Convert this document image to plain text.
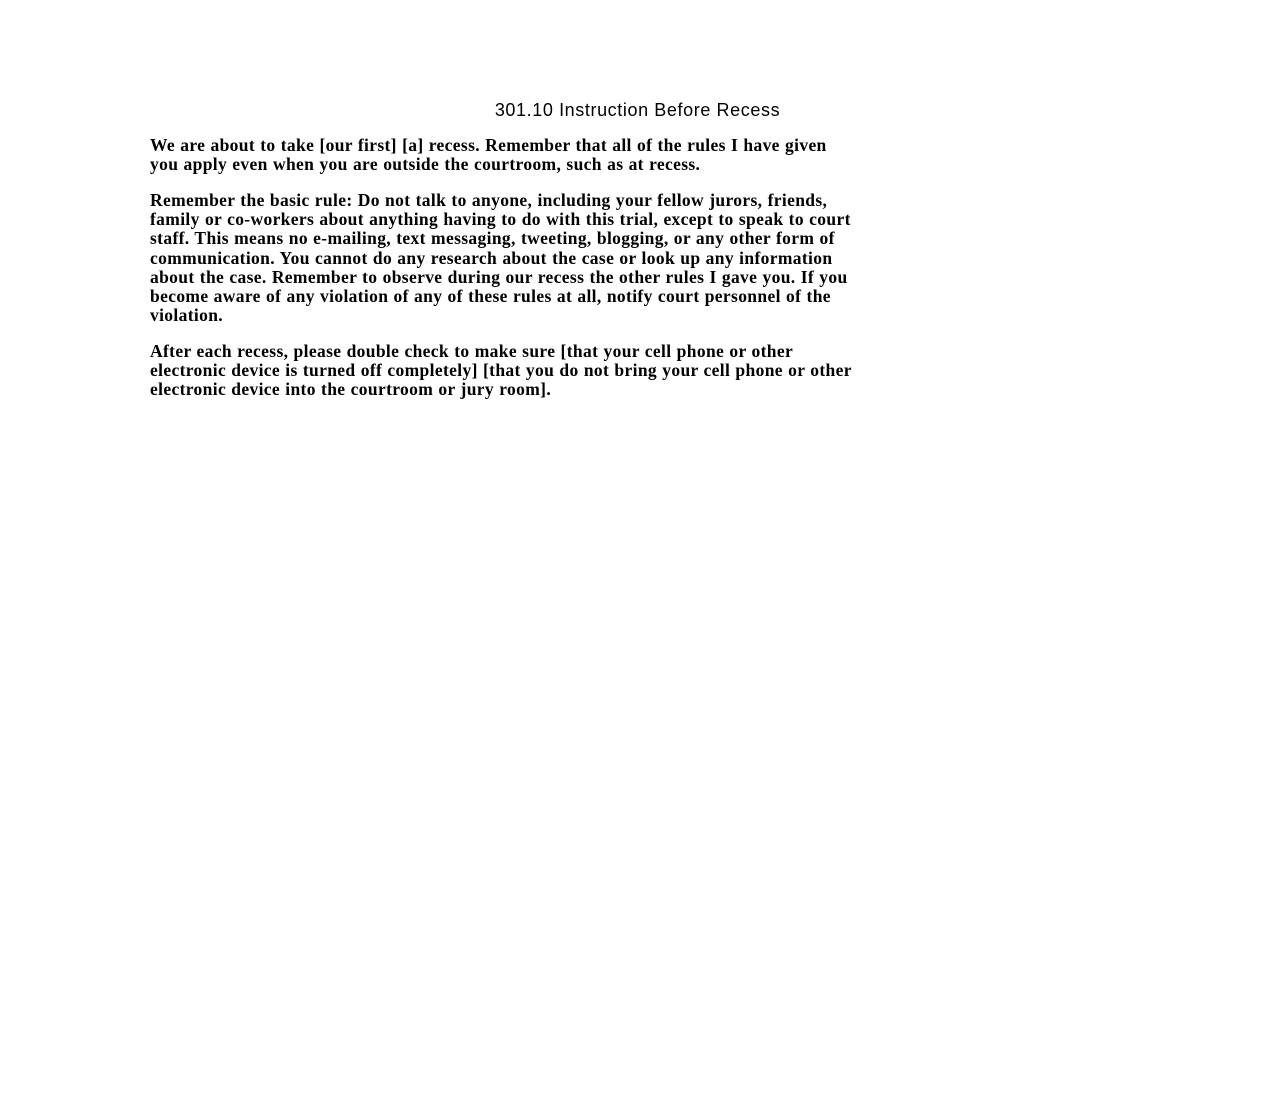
301.10 Instruction Before Recess

We are about to take [our first] [a] recess. Remember that all of the rules I have given
you apply even when you are outside the courtroom, such as at recess.

Remember the basic rule: Do not talk to anyone, including your fellow jurors, friends,
family or co-workers about anything having to do with this trial, except to speak to court
staff. This means no e-mailing, text messaging, tweeting, blogging, or any other form of
communication. You cannot do any research about the case or look up any information
about the case. Remember to observe during our recess the other rules I gave you. If you
become aware of any violation of any of these rules at all, notify court personnel of the
violation.

After each recess, please double check to make sure [that your cell phone or other
electronic device is turned off completely] [that you do not bring your cell phone or other
electronic device into the courtroom or jury room].
